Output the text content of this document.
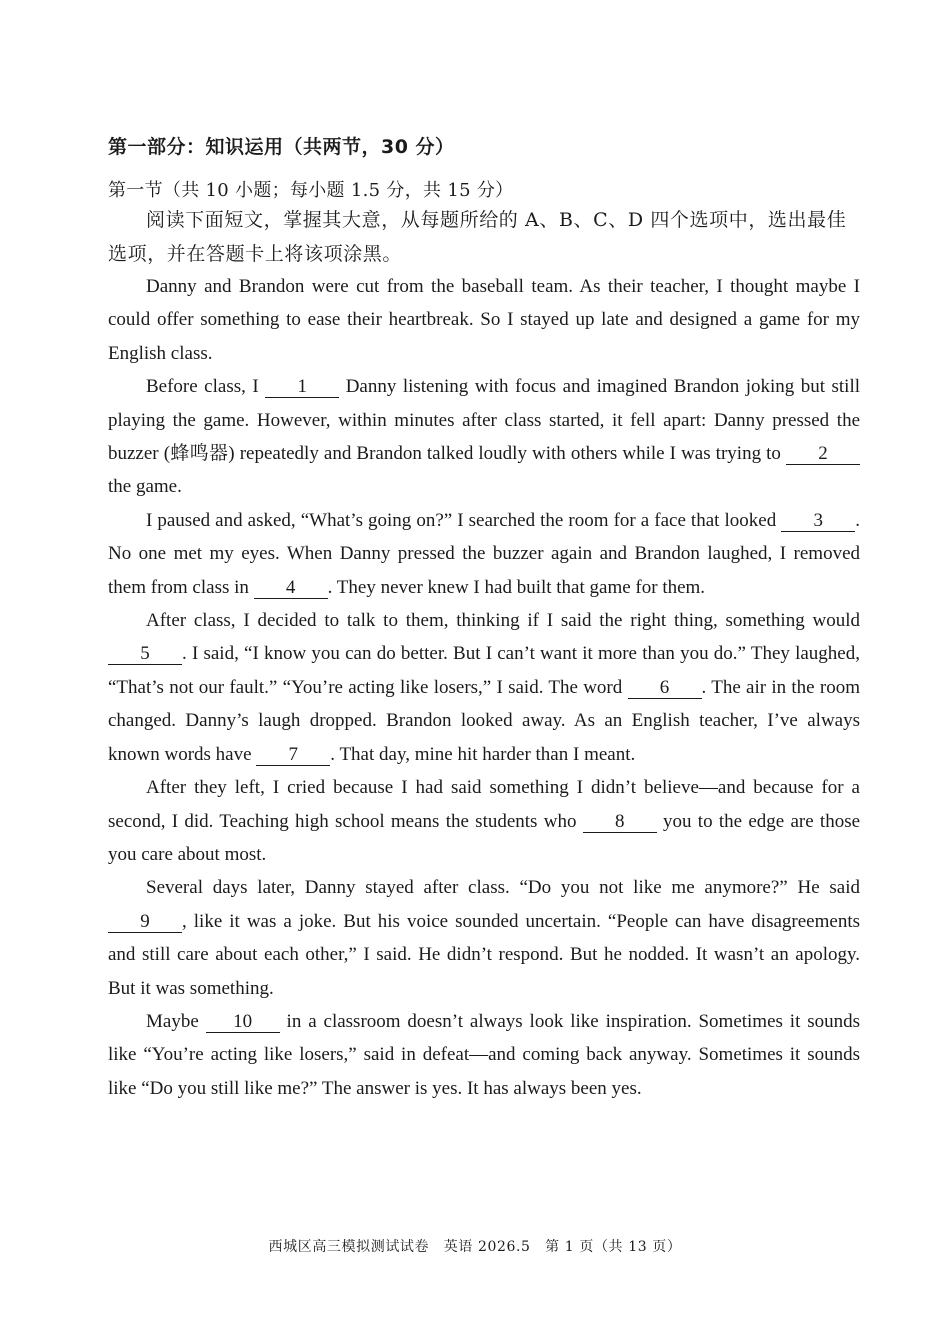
第一部分：知识运用（共两节，30 分）
第一节（共 10 小题；每小题 1.5 分，共 15 分）

阅读下面短文，掌握其大意，从每题所给的 A、B、C、D 四个选项中，选出最佳选项，并在答题卡上将该项涂黑。

Danny and Brandon were cut from the baseball team. As their teacher, I thought maybe I could offer something to ease their heartbreak. So I stayed up late and designed a game for my English class.

Before class, I 1 Danny listening with focus and imagined Brandon joking but still playing the game. However, within minutes after class started, it fell apart: Danny pressed the buzzer (蜂鸣器) repeatedly and Brandon talked loudly with others while I was trying to 2 the game.

I paused and asked, “What’s going on?” I searched the room for a face that looked 3 . No one met my eyes. When Danny pressed the buzzer again and Brandon laughed, I removed them from class in 4 . They never knew I had built that game for them.

After class, I decided to talk to them, thinking if I said the right thing, something would 5 . I said, “I know you can do better. But I can’t want it more than you do.” They laughed, “That’s not our fault.” “You’re acting like losers,” I said. The word 6 . The air in the room changed. Danny’s laugh dropped. Brandon looked away. As an English teacher, I’ve always known words have 7 . That day, mine hit harder than I meant.

After they left, I cried because I had said something I didn’t believe—and because for a second, I did. Teaching high school means the students who 8 you to the edge are those you care about most.

Several days later, Danny stayed after class. “Do you not like me anymore?” He said 9 , like it was a joke. But his voice sounded uncertain. “People can have disagreements and still care about each other,” I said. He didn’t respond. But he nodded. It wasn’t an apology. But it was something.

Maybe 10 in a classroom doesn’t always look like inspiration. Sometimes it sounds like “You’re acting like losers,” said in defeat—and coming back anyway. Sometimes it sounds like “Do you still like me?” The answer is yes. It has always been yes.

西城区高三模拟测试试卷　英语 2026.5　第 1 页（共 13 页）
